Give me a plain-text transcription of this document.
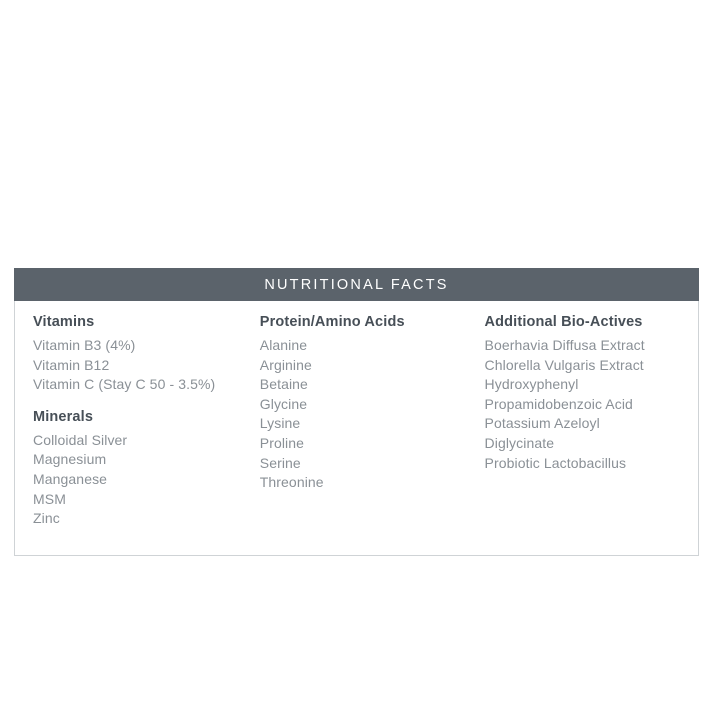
NUTRITIONAL FACTS
Vitamins
Vitamin B3 (4%)
Vitamin B12
Vitamin C (Stay C 50 - 3.5%)
Minerals
Colloidal Silver
Magnesium
Manganese
MSM
Zinc
Protein/Amino Acids
Alanine
Arginine
Betaine
Glycine
Lysine
Proline
Serine
Threonine
Additional Bio-Actives
Boerhavia Diffusa Extract
Chlorella Vulgaris Extract
Hydroxyphenyl
Propamidobenzoic Acid
Potassium Azeloyl
Diglycinate
Probiotic Lactobacillus
